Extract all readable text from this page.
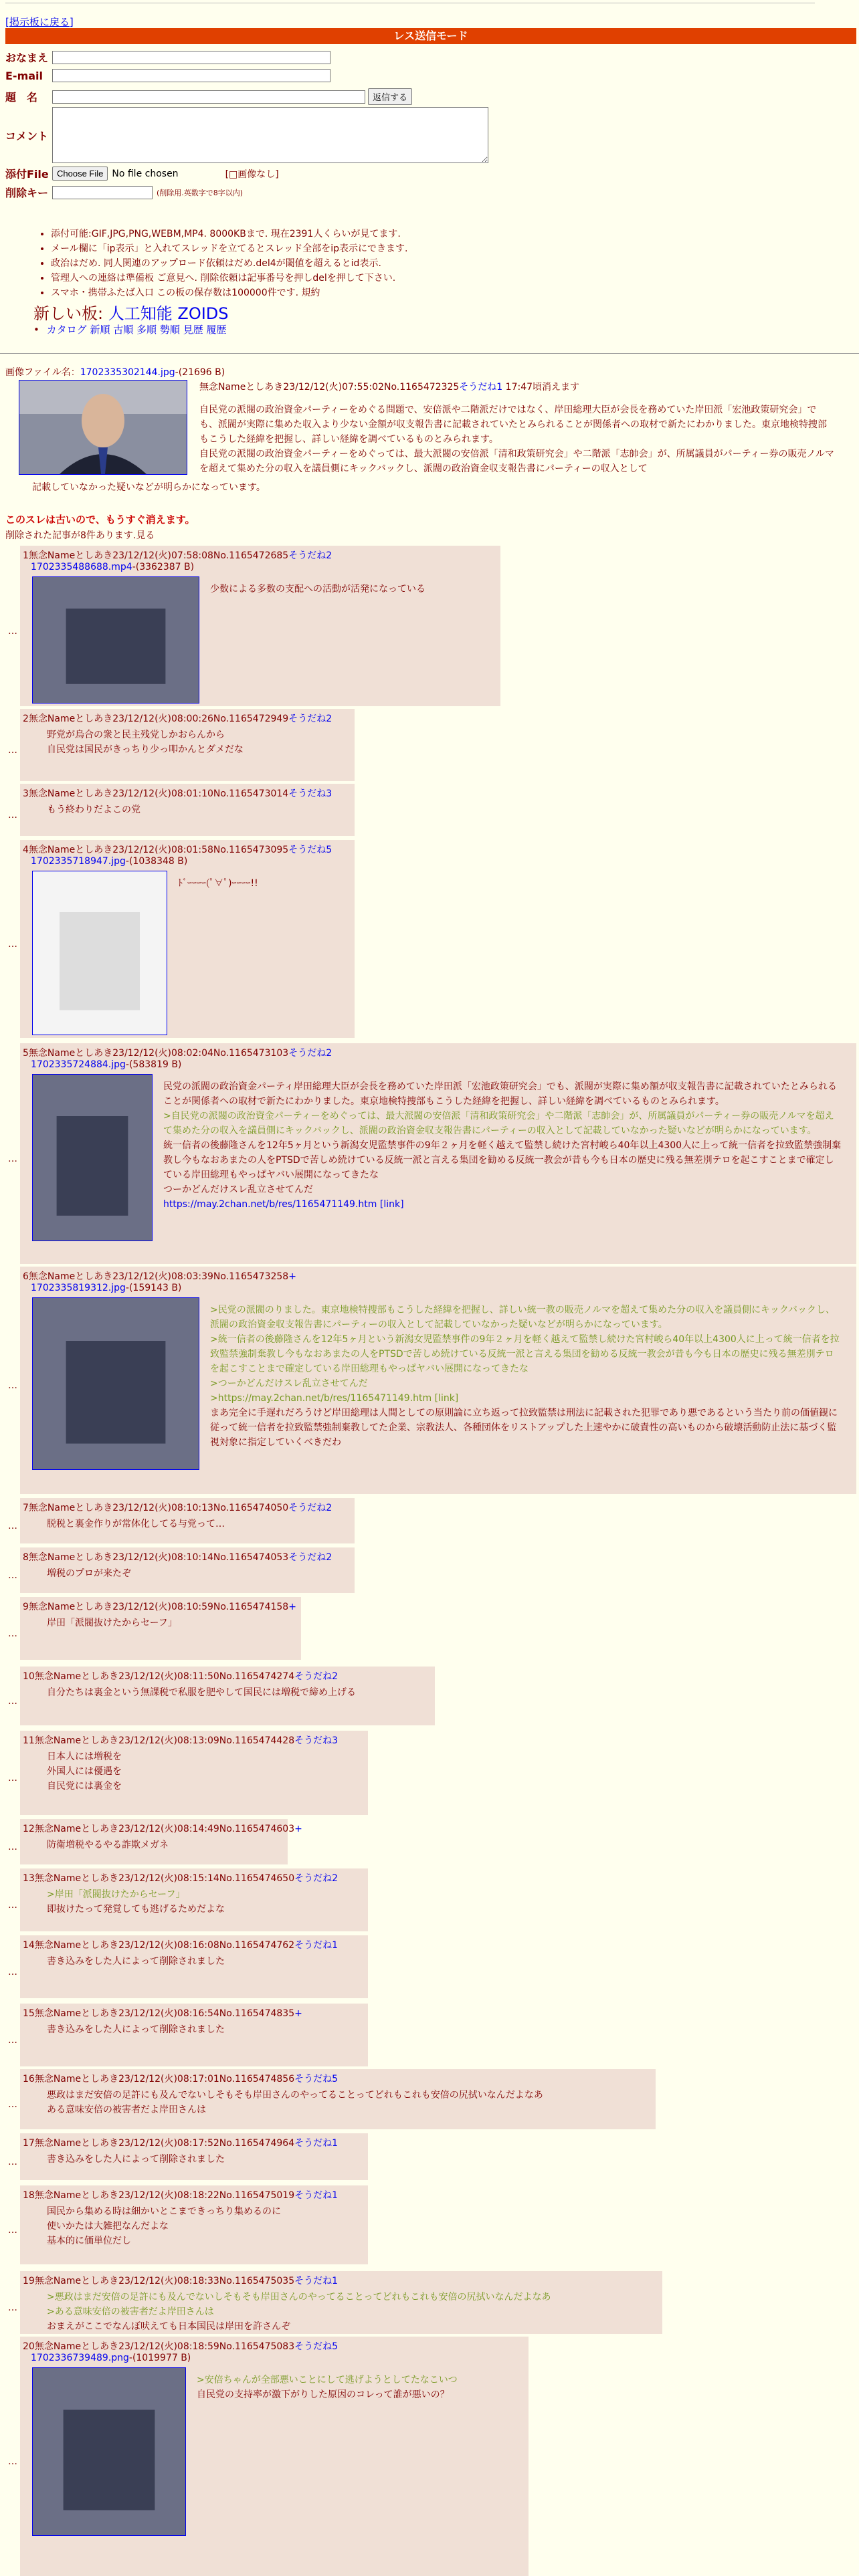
[掲示板に戻る]
レス送信モード
おなまえ
E-mail
題　名	返信する
コメント
添付File Choose File No file chosen	[□画像なし]
削除キー	(削除用.英数字で8字以内)
• 添付可能:GIF,JPG,PNG,WEBM,MP4. 8000KBまで. 現在2391人くらいが見てます.
• メール欄に「ip表示」と入れてスレッドを立てるとスレッド全部をip表示にできます.
• 政治はだめ. 同人関連のアップロード依頼はだめ.del4が閾値を超えるとid表示.
• 管理人への連絡は準備板 ご意見へ. 削除依頼は記事番号を押しdelを押して下さい.
• スマホ・携帯ふたば入口 この板の保存数は100000件です. 規約
新しい板: 人工知能 ZOIDS
• カタログ 新順 古順 多順 勢順 見歴 履歴
画像ファイル名：1702335302144.jpg-(21696 B)
無念Nameとしあき23/12/12(火)07:55:02No.1165472325そうだね1 17:47頃消えます
自民党の派閥の政治資金パーティーをめぐる問題で、安倍派や二階派だけではなく、岸田総理大臣が会長を務めていた岸田派「宏池政策研究会」でも、派閥が実際に集めた収入より少ない金額が収支報告書に記載されていたとみられることが関係者への取材で新たにわかりました。東京地検特捜部もこうした経緯を把握し、詳しい経緯を調べているものとみられます。
自民党の派閥の政治資金パーティーをめぐっては、最大派閥の安倍派「清和政策研究会」や二階派「志帥会」が、所属議員がパーティー券の販売ノルマを超えて集めた分の収入を議員側にキックバックし、派閥の政治資金収支報告書にパーティーの収入として
記載していなかった疑いなどが明らかになっています。
このスレは古いので、もうすぐ消えます。
削除された記事が8件あります.見る
…
1無念Nameとしあき23/12/12(火)07:58:08No.1165472685そうだね2
1702335488688.mp4-(3362387 B)
少数による多数の支配への活動が活発になっている
…
2無念Nameとしあき23/12/12(火)08:00:26No.1165472949そうだね2
野党が烏合の衆と民主残党しかおらんから
自民党は国民がきっちり少っ叩かんとダメだな
…
3無念Nameとしあき23/12/12(火)08:01:10No.1165473014そうだね3
もう終わりだよこの党
…
4無念Nameとしあき23/12/12(火)08:01:58No.1165473095そうだね5
1702335718947.jpg-(1038348 B)
ﾄﾞｰｰｰｰ(ﾟ∀ﾟ)ｰｰｰｰ!!
…
5無念Nameとしあき23/12/12(火)08:02:04No.1165473103そうだね2
1702335724884.jpg-(583819 B)
民党の派閥の政治資金パーティ岸田総理大臣が会長を務めていた岸田派「宏池政策研究会」でも、派閥が実際に集め額が収支報告書に記載されていたとみられることが関係者への取材で新たにわかりました。東京地検特捜部もこうした経緯を把握し、詳しい経緯を調べているものとみられます。
>自民党の派閥の政治資金パーティーをめぐっては、最大派閥の安倍派「清和政策研究会」や二階派「志帥会」が、所属議員がパーティー券の販売ノルマを超えて集めた分の収入を議員側にキックバックし、派閥の政治資金収支報告書にパーティーの収入として記載していなかった疑いなどが明らかになっています。
統一信者の後藤隆さんを12年5ヶ月という新潟女児監禁事件の9年２ヶ月を軽く越えて監禁し続けた宮村峻ら40年以上4300人に上って統一信者を拉致監禁強制棄教し今もなおあまたの人をPTSDで苦しめ続けている反統一派と言える集団を勧める反統一教会が昔も今も日本の歴史に残る無差別テロを起こすことまで確定している岸田総理もやっぱヤバい展開になってきたな
つーかどんだけスレ乱立させてんだ
https://may.2chan.net/b/res/1165471149.htm [link]
…
6無念Nameとしあき23/12/12(火)08:03:39No.1165473258+
1702335819312.jpg-(159143 B)
>民党の派閥のりました。東京地検特捜部もこうした経緯を把握し、詳しい統一教の販売ノルマを超えて集めた分の収入を議員側にキックバックし、派閥の政治資金収支報告書にパーティーの収入として記載していなかった疑いなどが明らかになっています。
>統一信者の後藤隆さんを12年5ヶ月という新潟女児監禁事件の9年２ヶ月を軽く越えて監禁し続けた宮村峻ら40年以上4300人に上って統一信者を拉致監禁強制棄教し今もなおあまたの人をPTSDで苦しめ続けている反統一派と言える集団を勧める反統一教会が昔も今も日本の歴史に残る無差別テロを起こすことまで確定している岸田総理もやっぱヤバい展開になってきたな
>つーかどんだけスレ乱立させてんだ
>https://may.2chan.net/b/res/1165471149.htm [link]
まあ完全に手遅れだろうけど岸田総理は人間としての原則論に立ち返って拉致監禁は刑法に記載された犯罪であり悪であるという当たり前の価値観に従って統一信者を拉致監禁強制棄教してた企業、宗教法人、各種団体をリストアップした上速やかに破責性の高いものから破壊活動防止法に基づく監視対象に指定していくべきだわ
…
7無念Nameとしあき23/12/12(火)08:10:13No.1165474050そうだね2
脱税と裏金作りが常体化してる与党って…
…
8無念Nameとしあき23/12/12(火)08:10:14No.1165474053そうだね2
増税のプロが来たぞ
…
9無念Nameとしあき23/12/12(火)08:10:59No.1165474158+
岸田「派閥抜けたからセーフ」
…
10無念Nameとしあき23/12/12(火)08:11:50No.1165474274そうだね2
自分たちは裏金という無課税で私服を肥やして国民には増税で締め上げる
…
11無念Nameとしあき23/12/12(火)08:13:09No.1165474428そうだね3
日本人には増税を
外国人には優遇を
自民党には裏金を
…
12無念Nameとしあき23/12/12(火)08:14:49No.1165474603+
防衛増税やるやる詐欺メガネ
…
13無念Nameとしあき23/12/12(火)08:15:14No.1165474650そうだね2
>岸田「派閥抜けたからセーフ」
即抜けたって発覚しても逃げるためだよな
…
14無念Nameとしあき23/12/12(火)08:16:08No.1165474762そうだね1
書き込みをした人によって削除されました
…
15無念Nameとしあき23/12/12(火)08:16:54No.1165474835+
書き込みをした人によって削除されました
…
16無念Nameとしあき23/12/12(火)08:17:01No.1165474856そうだね5
悪政はまだ安倍の足許にも及んでないしそもそも岸田さんのやってることってどれもこれも安倍の尻拭いなんだよなあ
ある意味安倍の被害者だよ岸田さんは
…
17無念Nameとしあき23/12/12(火)08:17:52No.1165474964そうだね1
書き込みをした人によって削除されました
…
18無念Nameとしあき23/12/12(火)08:18:22No.1165475019そうだね1
国民から集める時は細かいとこまできっちり集めるのに
使いかたは大雑把なんだよな
基本的に価単位だし
…
19無念Nameとしあき23/12/12(火)08:18:33No.1165475035そうだね1
>悪政はまだ安倍の足許にも及んでないしそもそも岸田さんのやってることってどれもこれも安倍の尻拭いなんだよなあ
>ある意味安倍の被害者だよ岸田さんは
おまえがここでなんぼ吠えても日本国民は岸田を許さんぞ
…
20無念Nameとしあき23/12/12(火)08:18:59No.1165475083そうだね5
1702336739489.png-(1019977 B)
>安倍ちゃんが全部悪いことにして逃げようとしてたなこいつ
自民党の支持率が激下がりした原因のコレって誰が悪いの？
